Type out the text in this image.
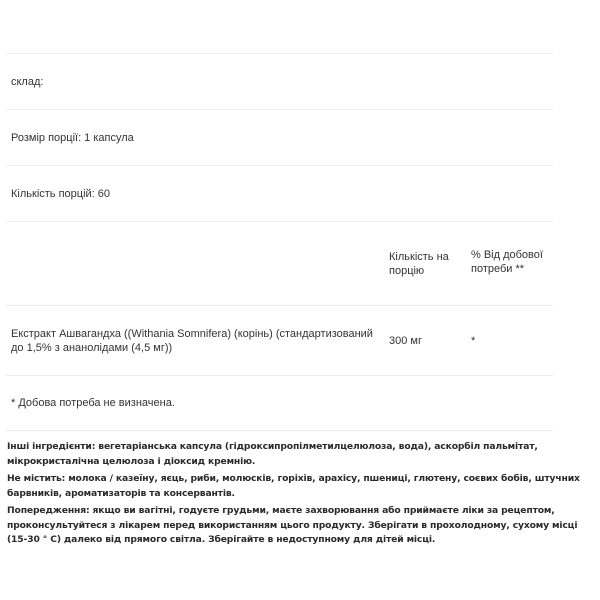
склад:
Розмір порції: 1 капсула
Кількість порцій: 60
Кількість на порцію
% Від добової потреби **
Екстракт Ашвагандха ((Withania Somnifera) (корінь) (стандартизований до 1,5% з ананолідами (4,5 мг))
300 мг	*
* Добова потреба не визначена.

Інші інгредієнти: вегетаріанська капсула (гідроксипропілметилцелюлоза, вода), аскорбіл пальмітат, мікрокристалічна целюлоза і діоксид кремнію.

Не містить: молока / казеїну, яєць, риби, молюсків, горіхів, арахісу, пшениці, глютену, соєвих бобів, штучних барвників, ароматизаторів та консервантів.

Попередження: якщо ви вагітні, годуєте грудьми, маєте захворювання або приймаєте ліки за рецептом, проконсультуйтеся з лікарем перед використанням цього продукту. Зберігати в прохолодному, сухому місці (15-30 ° C) далеко від прямого світла. Зберігайте в недоступному для дітей місці.
